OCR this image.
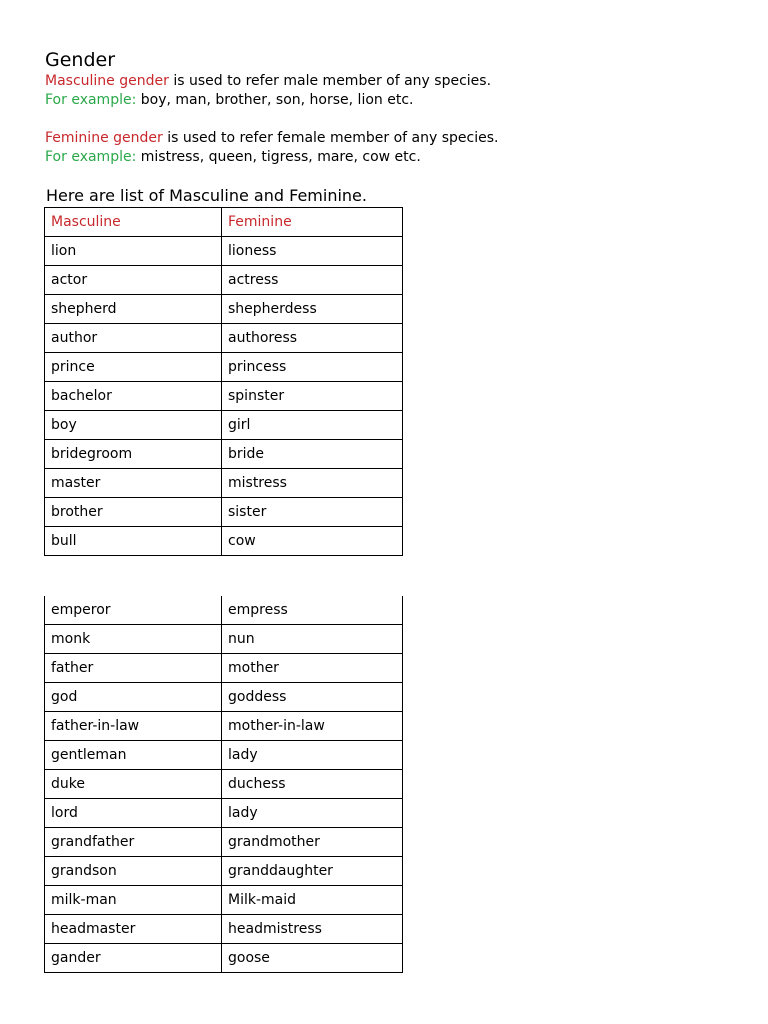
Gender
Masculine gender is used to refer male member of any species.
For example: boy, man, brother, son, horse, lion etc.
Feminine gender is used to refer female member of any species.
For example: mistress, queen, tigress, mare, cow etc.
Here are list of Masculine and Feminine.
Masculine	Feminine
lion	lioness
actor	actress
shepherd	shepherdess
author	authoress
prince	princess
bachelor	spinster
boy	girl
bridegroom	bride
master	mistress
brother	sister
bull	cow
emperor	empress
monk	nun
father	mother
god	goddess
father-in-law	mother-in-law
gentleman	lady
duke	duchess
lord	lady
grandfather	grandmother
grandson	granddaughter
milk-man	Milk-maid
headmaster	headmistress
gander	goose
